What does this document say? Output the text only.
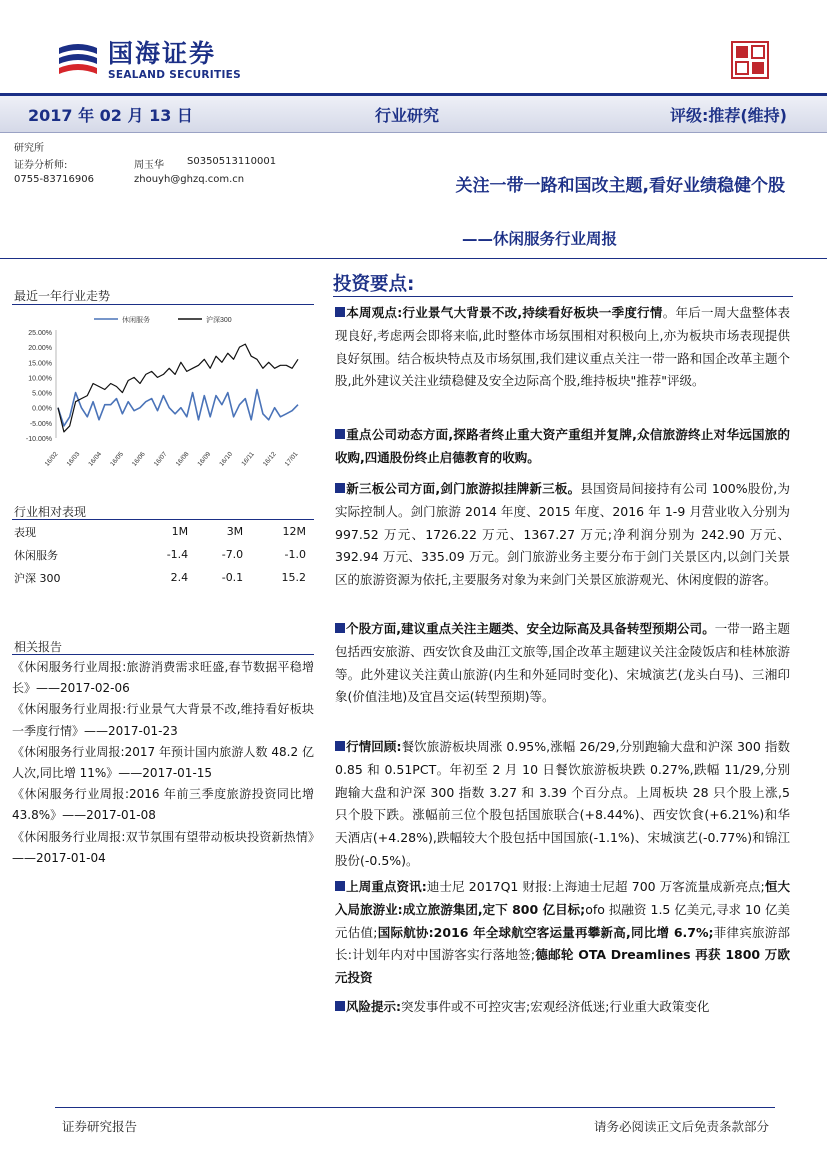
国海证券
SEALAND SECURITIES
2017 年 02 月 13 日	行业研究	评级:推荐(维持)
研究所
证券分析师:	周玉华 S0350513110001
0755-83716906	zhouyh@ghzq.com.cn	关注一带一路和国改主题,看好业绩稳健个股
——休闲服务行业周报
最近一年行业走势
25.00%
20.00%
15.00%
10.00%
5.00%
0.00%
-5.00%
-10.00%
16/02 16/03 16/04 16/05 16/06 16/07 16/08 16/09 16/10 16/11 16/12 17/01
休闲服务	沪深300
行业相对表现
表现	1M	3M	12M
休闲服务	-1.4	-7.0	-1.0
沪深 300	2.4	-0.1	15.2
相关报告

《休闲服务行业周报:旅游消费需求旺盛,春节数据平稳增长》——2017-02-06

《休闲服务行业周报:行业景气大背景不改,维持看好板块一季度行情》——2017-01-23

《休闲服务行业周报:2017 年预计国内旅游人数 48.2 亿人次,同比增 11%》——2017-01-15

《休闲服务行业周报:2016 年前三季度旅游投资同比增 43.8%》——2017-01-08

《休闲服务行业周报:双节氛围有望带动板块投资新热情》——2017-01-04

投资要点:

本周观点:行业景气大背景不改,持续看好板块一季度行情。年后一周大盘整体表现良好,考虑两会即将来临,此时整体市场氛围相对积极向上,亦为板块市场表现提供良好氛围。结合板块特点及市场氛围,我们建议重点关注一带一路和国企改革主题个股,此外建议关注业绩稳健及安全边际高个股,维持板块"推荐"评级。

重点公司动态方面,探路者终止重大资产重组并复牌,众信旅游终止对华远国旅的收购,四通股份终止启德教育的收购。

新三板公司方面,剑门旅游拟挂牌新三板。县国资局间接持有公司 100%股份,为实际控制人。剑门旅游 2014 年度、2015 年度、2016 年 1-9 月营业收入分别为 997.52 万元、1726.22 万元、1367.27 万元;净利润分别为 242.90 万元、392.94 万元、335.09 万元。剑门旅游业务主要分布于剑门关景区内,以剑门关景区的旅游资源为依托,主要服务对象为来剑门关景区旅游观光、休闲度假的游客。

个股方面,建议重点关注主题类、安全边际高及具备转型预期公司。一带一路主题包括西安旅游、西安饮食及曲江文旅等,国企改革主题建议关注金陵饭店和桂林旅游等。此外建议关注黄山旅游(内生和外延同时变化)、宋城演艺(龙头白马)、三湘印象(价值洼地)及宜昌交运(转型预期)等。

行情回顾:餐饮旅游板块周涨 0.95%,涨幅 26/29,分别跑输大盘和沪深 300 指数 0.85 和 0.51PCT。年初至 2 月 10 日餐饮旅游板块跌 0.27%,跌幅 11/29,分别跑输大盘和沪深 300 指数 3.27 和 3.39 个百分点。上周板块 28 只个股上涨,5 只个股下跌。涨幅前三位个股包括国旅联合(+8.44%)、西安饮食(+6.21%)和华天酒店(+4.28%),跌幅较大个股包括中国国旅(-1.1%)、宋城演艺(-0.77%)和锦江股份(-0.5%)。

上周重点资讯:迪士尼 2017Q1 财报:上海迪士尼超 700 万客流量成新亮点;恒大入局旅游业:成立旅游集团,定下 800 亿目标;ofo 拟融资 1.5 亿美元,寻求 10 亿美元估值;国际航协:2016 年全球航空客运量再攀新高,同比增 6.7%;菲律宾旅游部长:计划年内对中国游客实行落地签;德邮轮 OTA Dreamlines 再获 1800 万欧元投资

风险提示:突发事件或不可控灾害;宏观经济低迷;行业重大政策变化

证券研究报告	请务必阅读正文后免责条款部分
